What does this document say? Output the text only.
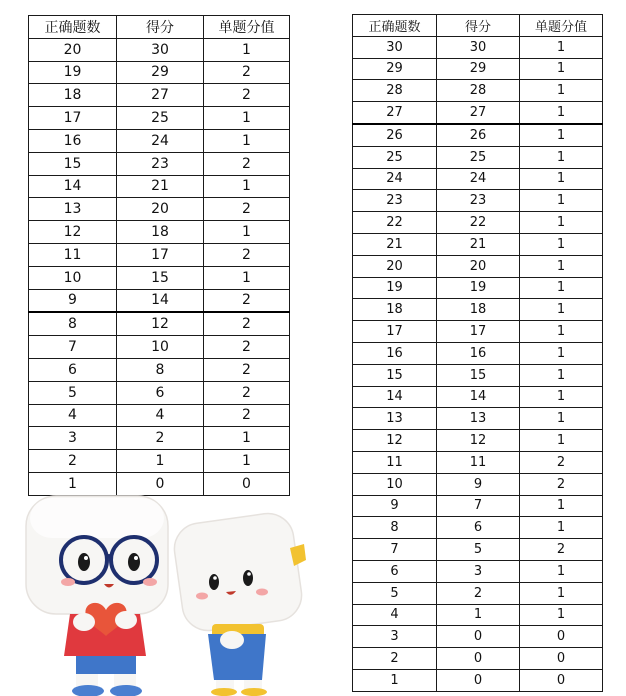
正确题数	得分	单题分值
20	30	1
19	29	2
18	27	2
17	25	1
16	24	1
15	23	2
14	21	1
13	20	2
12	18	1
11	17	2
10	15	1
9	14	2
8	12	2
7	10	2
6	8	2
5	6	2
4	4	2
3	2	1
2	1	1
1	0	0
正确题数	得分	单题分值
30	30	1
29	29	1
28	28	1
27	27	1
26	26	1
25	25	1
24	24	1
23	23	1
22	22	1
21	21	1
20	20	1
19	19	1
18	18	1
17	17	1
16	16	1
15	15	1
14	14	1
13	13	1
12	12	1
11	11	2
10	9	2
9	7	1
8	6	1
7	5	2
6	3	1
5	2	1
4	1	1
3	0	0
2	0	0
1	0	0
